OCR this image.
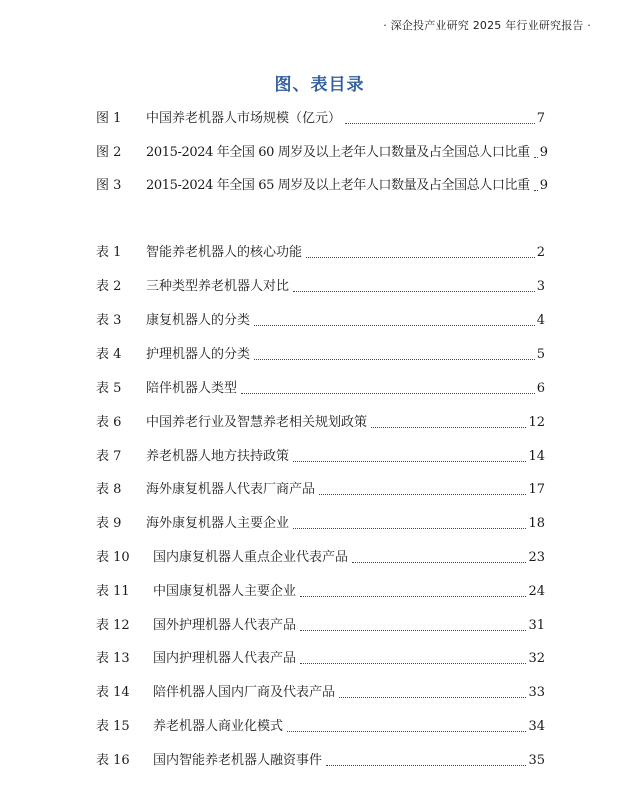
· 深企投产业研究 2025 年行业研究报告 ·
图、表目录
图 1	中国养老机器人市场规模（亿元）	7
图 2	2015-2024 年全国 60 周岁及以上老年人口数量及占全国总人口比重 9
图 3	2015-2024 年全国 65 周岁及以上老年人口数量及占全国总人口比重 9
表 1	智能养老机器人的核心功能	2
表 2	三种类型养老机器人对比	3
表 3	康复机器人的分类	4
表 4	护理机器人的分类	5
表 5	陪伴机器人类型	6
表 6	中国养老行业及智慧养老相关规划政策	12
表 7	养老机器人地方扶持政策	14
表 8	海外康复机器人代表厂商产品	17
表 9	海外康复机器人主要企业	18
表 10	国内康复机器人重点企业代表产品	23
表 11	中国康复机器人主要企业	24
表 12	国外护理机器人代表产品	31
表 13	国内护理机器人代表产品	32
表 14	陪伴机器人国内厂商及代表产品	33
表 15	养老机器人商业化模式	34
表 16	国内智能养老机器人融资事件	35
